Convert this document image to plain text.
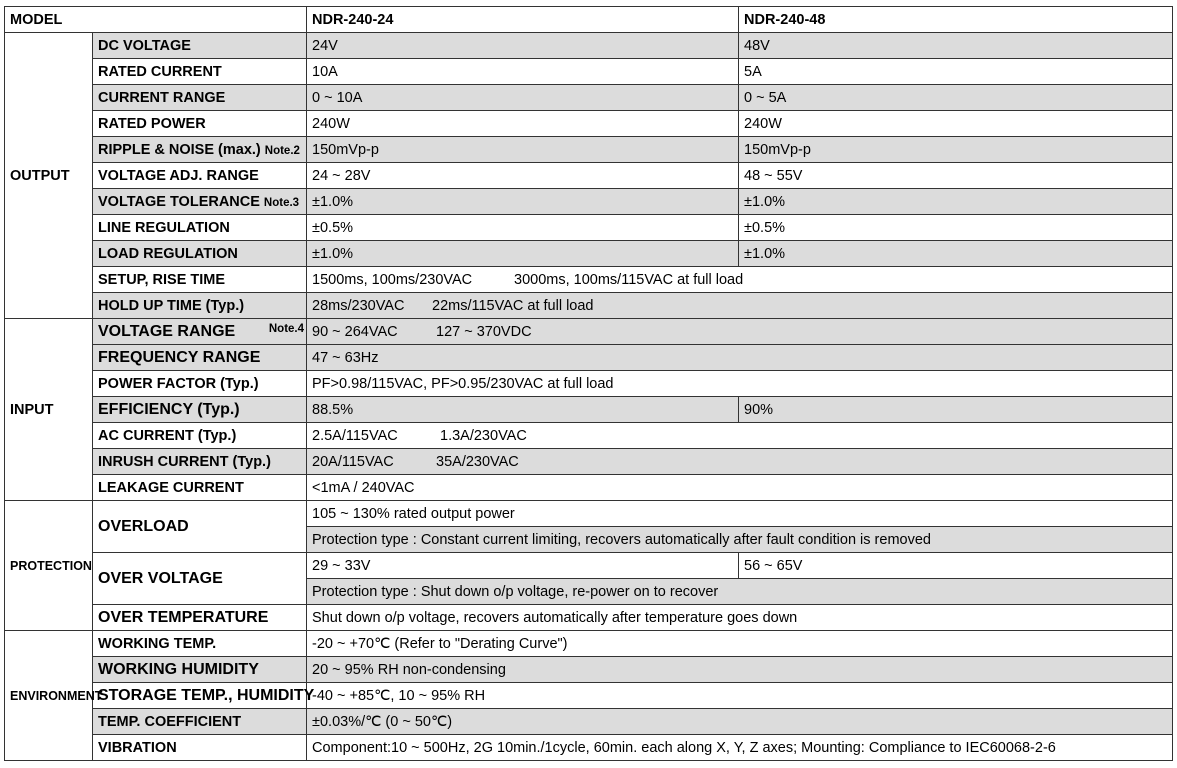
MODEL		NDR-240-24	NDR-240-48
OUTPUT	DC VOLTAGE	24V	48V
	RATED CURRENT	10A	5A
	CURRENT RANGE	0 ~ 10A	0 ~ 5A
	RATED POWER	240W	240W
	RIPPLE & NOISE (max.) Note.2	150mVp-p	150mVp-p
	VOLTAGE ADJ. RANGE	24 ~ 28V	48 ~ 55V
	VOLTAGE TOLERANCE Note.3	±1.0%	±1.0%
	LINE REGULATION	±0.5%	±0.5%
	LOAD REGULATION	±1.0%	±1.0%
	SETUP, RISE TIME	1500ms, 100ms/230VAC 3000ms, 100ms/115VAC at full load	
	HOLD UP TIME (Typ.)	28ms/230VAC 22ms/115VAC at full load	
INPUT	VOLTAGE RANGE Note.4	90 ~ 264VAC 127 ~ 370VDC	
	FREQUENCY RANGE	47 ~ 63Hz	
	POWER FACTOR (Typ.)	PF>0.98/115VAC, PF>0.95/230VAC at full load	
	EFFICIENCY (Typ.)	88.5%	90%
	AC CURRENT (Typ.)	2.5A/115VAC 1.3A/230VAC	
	INRUSH CURRENT (Typ.)	20A/115VAC 35A/230VAC	
	LEAKAGE CURRENT	<1mA / 240VAC	
PROTECTION	OVERLOAD	105 ~ 130% rated output power	
		Protection type : Constant current limiting, recovers automatically after fault condition is removed	
	OVER VOLTAGE	29 ~ 33V	56 ~ 65V
		Protection type : Shut down o/p voltage, re-power on to recover	
	OVER TEMPERATURE	Shut down o/p voltage, recovers automatically after temperature goes down	
ENVIRONMENT	WORKING TEMP.	-20 ~ +70℃ (Refer to "Derating Curve")	
	WORKING HUMIDITY	20 ~ 95% RH non-condensing	
	STORAGE TEMP., HUMIDITY	-40 ~ +85℃, 10 ~ 95% RH	
	TEMP. COEFFICIENT	±0.03%/℃ (0 ~ 50℃)	
	VIBRATION	Component:10 ~ 500Hz, 2G 10min./1cycle, 60min. each along X, Y, Z axes; Mounting: Compliance to IEC60068-2-6	
